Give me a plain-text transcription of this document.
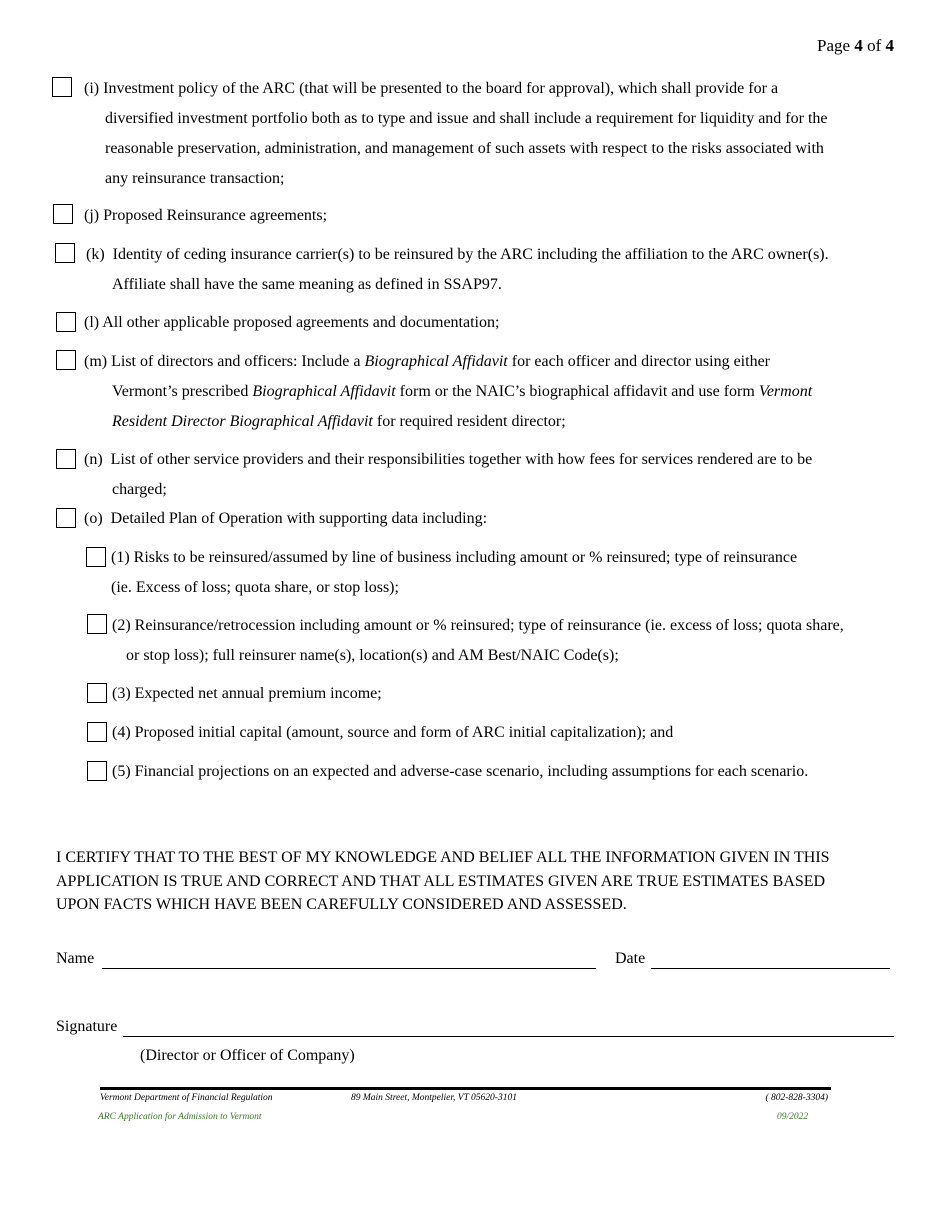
Page 4 of 4
(i) Investment policy of the ARC (that will be presented to the board for approval), which shall provide for a
diversified investment portfolio both as to type and issue and shall include a requirement for liquidity and for the
reasonable preservation, administration, and management of such assets with respect to the risks associated with
any reinsurance transaction;
(j) Proposed Reinsurance agreements;
(k) Identity of ceding insurance carrier(s) to be reinsured by the ARC including the affiliation to the ARC owner(s).
Affiliate shall have the same meaning as defined in SSAP97.
(l) All other applicable proposed agreements and documentation;
(m) List of directors and officers: Include a Biographical Affidavit for each officer and director using either
Vermont’s prescribed Biographical Affidavit form or the NAIC’s biographical affidavit and use form Vermont
Resident Director Biographical Affidavit for required resident director;
(n) List of other service providers and their responsibilities together with how fees for services rendered are to be
charged;
(o) Detailed Plan of Operation with supporting data including:
(1) Risks to be reinsured/assumed by line of business including amount or % reinsured; type of reinsurance
(ie. Excess of loss; quota share, or stop loss);
(2) Reinsurance/retrocession including amount or % reinsured; type of reinsurance (ie. excess of loss; quota share,
or stop loss); full reinsurer name(s), location(s) and AM Best/NAIC Code(s);
(3) Expected net annual premium income;
(4) Proposed initial capital (amount, source and form of ARC initial capitalization); and
(5) Financial projections on an expected and adverse-case scenario, including assumptions for each scenario.
I CERTIFY THAT TO THE BEST OF MY KNOWLEDGE AND BELIEF ALL THE INFORMATION GIVEN IN THIS
APPLICATION IS TRUE AND CORRECT AND THAT ALL ESTIMATES GIVEN ARE TRUE ESTIMATES BASED
UPON FACTS WHICH HAVE BEEN CAREFULLY CONSIDERED AND ASSESSED.
Name	Date
Signature
(Director or Officer of Company)
Vermont Department of Financial Regulation	89 Main Street, Montpelier, VT 05620-3101	( 802-828-3304)
ARC Application for Admission to Vermont	09/2022
